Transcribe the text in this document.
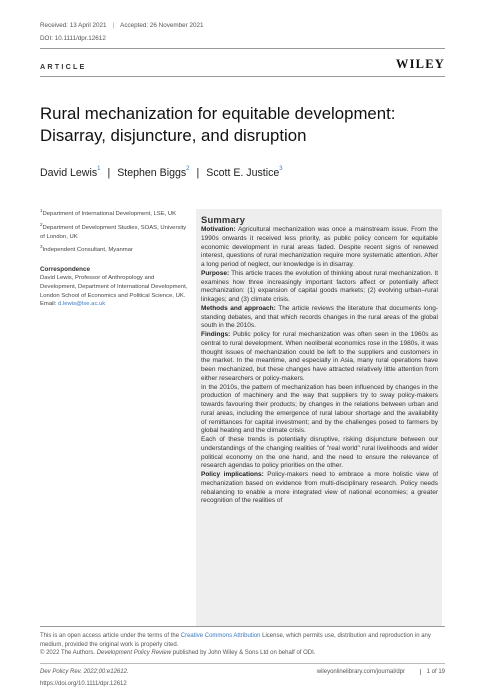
Received: 13 April 2021 | Accepted: 26 November 2021
DOI: 10.1111/dpr.12612
ARTICLE	WILEY
Rural mechanization for equitable development:
Disarray, disjuncture, and disruption
David Lewis$^1$ | Stephen Biggs$^2$ | Scott E. Justice$^3$
$^1$Department of International Development, LSE, UK
$^2$Department of Development Studies, SOAS, University of London, UK
$^3$Independent Consultant, Myanmar
Correspondence
David Lewis, Professor of Anthropology and Development, Department of International Development, London School of Economics and Political Science, UK.
Email: d.lewis@lse.ac.uk
Summary

Motivation: Agricultural mechanization was once a mainstream issue. From the 1990s onwards it received less priority, as public policy concern for equitable economic development in rural areas faded. Despite recent signs of renewed interest, questions of rural mechanization require more systematic attention. After a long period of neglect, our knowledge is in disarray.

Purpose: This article traces the evolution of thinking about rural mechanization. It examines how three increasingly important factors affect or potentially affect mechanization: (1) expansion of capital goods markets; (2) evolving urban–rural linkages; and (3) climate crisis.

Methods and approach: The article reviews the literature that documents long-standing debates, and that which records changes in the rural areas of the global south in the 2010s.

Findings: Public policy for rural mechanization was often seen in the 1960s as central to rural development. When neoliberal economics rose in the 1980s, it was thought issues of mechanization could be left to the suppliers and customers in the market. In the meantime, and especially in Asia, many rural operations have been mechanized, but these changes have attracted relatively little attention from either researchers or policy-makers.

In the 2010s, the pattern of mechanization has been influenced by changes in the production of machinery and the way that suppliers try to sway policy-makers towards favouring their products; by changes in the relations between urban and rural areas, including the emergence of rural labour shortage and the availability of remittances for capital investment; and by the challenges posed to farmers by global heating and the climate crisis.

Each of these trends is potentially disruptive, risking disjuncture between our understandings of the changing realities of "real world" rural livelihoods and wider political economy on the one hand, and the need to ensure the relevance of research agendas to policy priorities on the other.

Policy implications: Policy-makers need to embrace a more holistic view of mechanization based on evidence from multi-disciplinary research. Policy needs rebalancing to enable a more integrated view of national economies; a greater recognition of the realities of

This is an open access article under the terms of the Creative Commons Attribution License, which permits use, distribution and reproduction in any medium, provided the original work is properly cited.
© 2022 The Authors. Development Policy Review published by John Wiley & Sons Ltd on behalf of ODI.
Dev Policy Rev. 2022;00:e12612.
https://doi.org/10.1111/dpr.12612
wileyonlinelibrary.com/journal/dpr	1 of 19
